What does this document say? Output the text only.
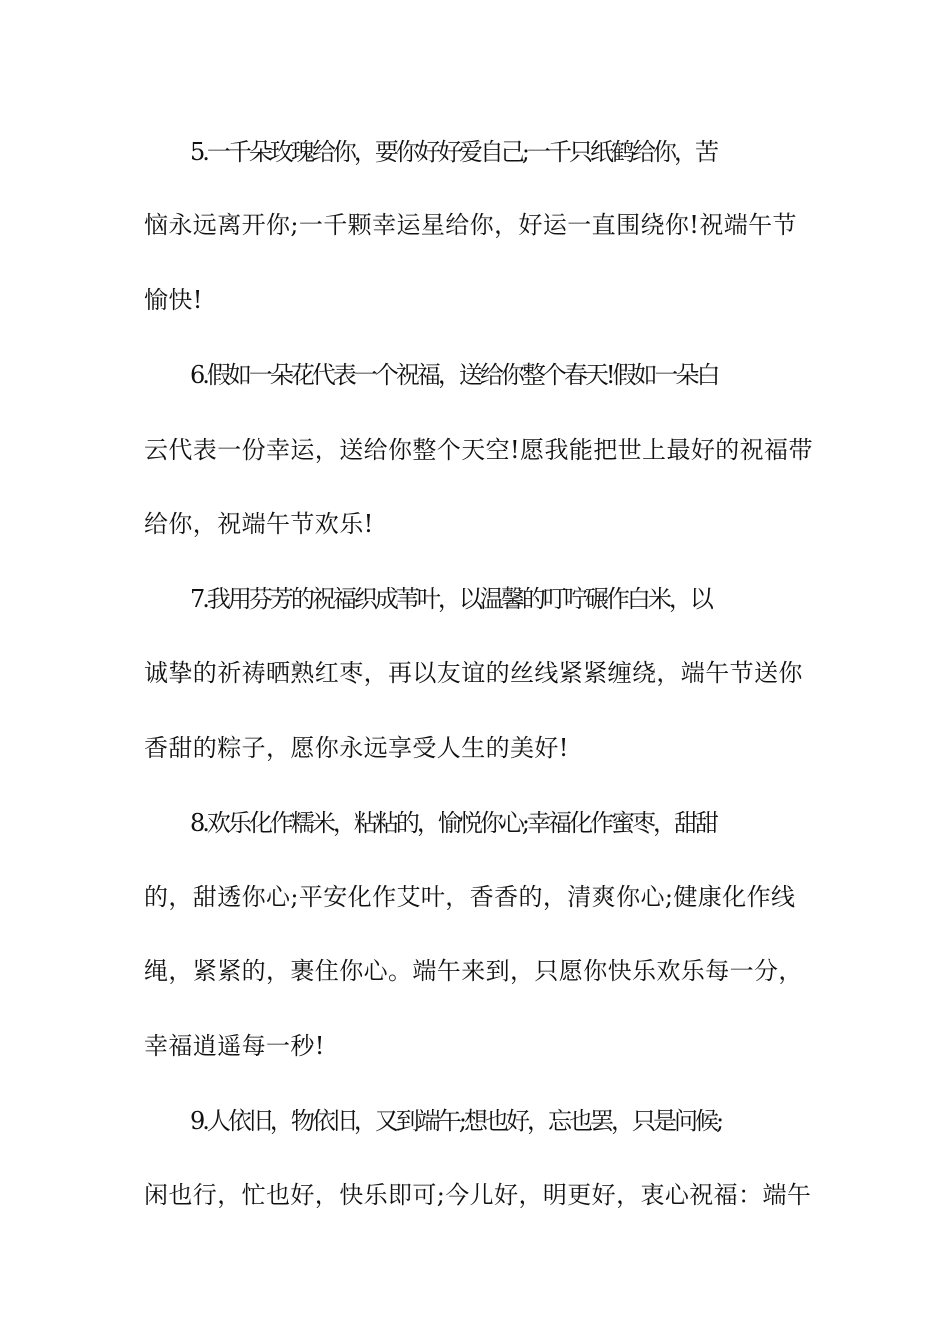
5.一千朵玫瑰给你，要你好好爱自己;一千只纸鹤给你，苦
恼永远离开你;一千颗幸运星给你，好运一直围绕你!祝端午节
愉快!
6.假如一朵花代表一个祝福，送给你整个春天!假如一朵白
云代表一份幸运，送给你整个天空!愿我能把世上最好的祝福带
给你，祝端午节欢乐!
7.我用芬芳的祝福织成苇叶，以温馨的叮咛碾作白米，以
诚挚的祈祷晒熟红枣，再以友谊的丝线紧紧缠绕，端午节送你
香甜的粽子，愿你永远享受人生的美好!
8.欢乐化作糯米，粘粘的，愉悦你心;幸福化作蜜枣，甜甜
的，甜透你心;平安化作艾叶，香香的，清爽你心;健康化作线
绳，紧紧的，裹住你心。端午来到，只愿你快乐欢乐每一分，
幸福逍遥每一秒!
9.人依旧，物依旧，又到端午;想也好，忘也罢，只是问候;
闲也行，忙也好，快乐即可;今儿好，明更好，衷心祝福：端午
